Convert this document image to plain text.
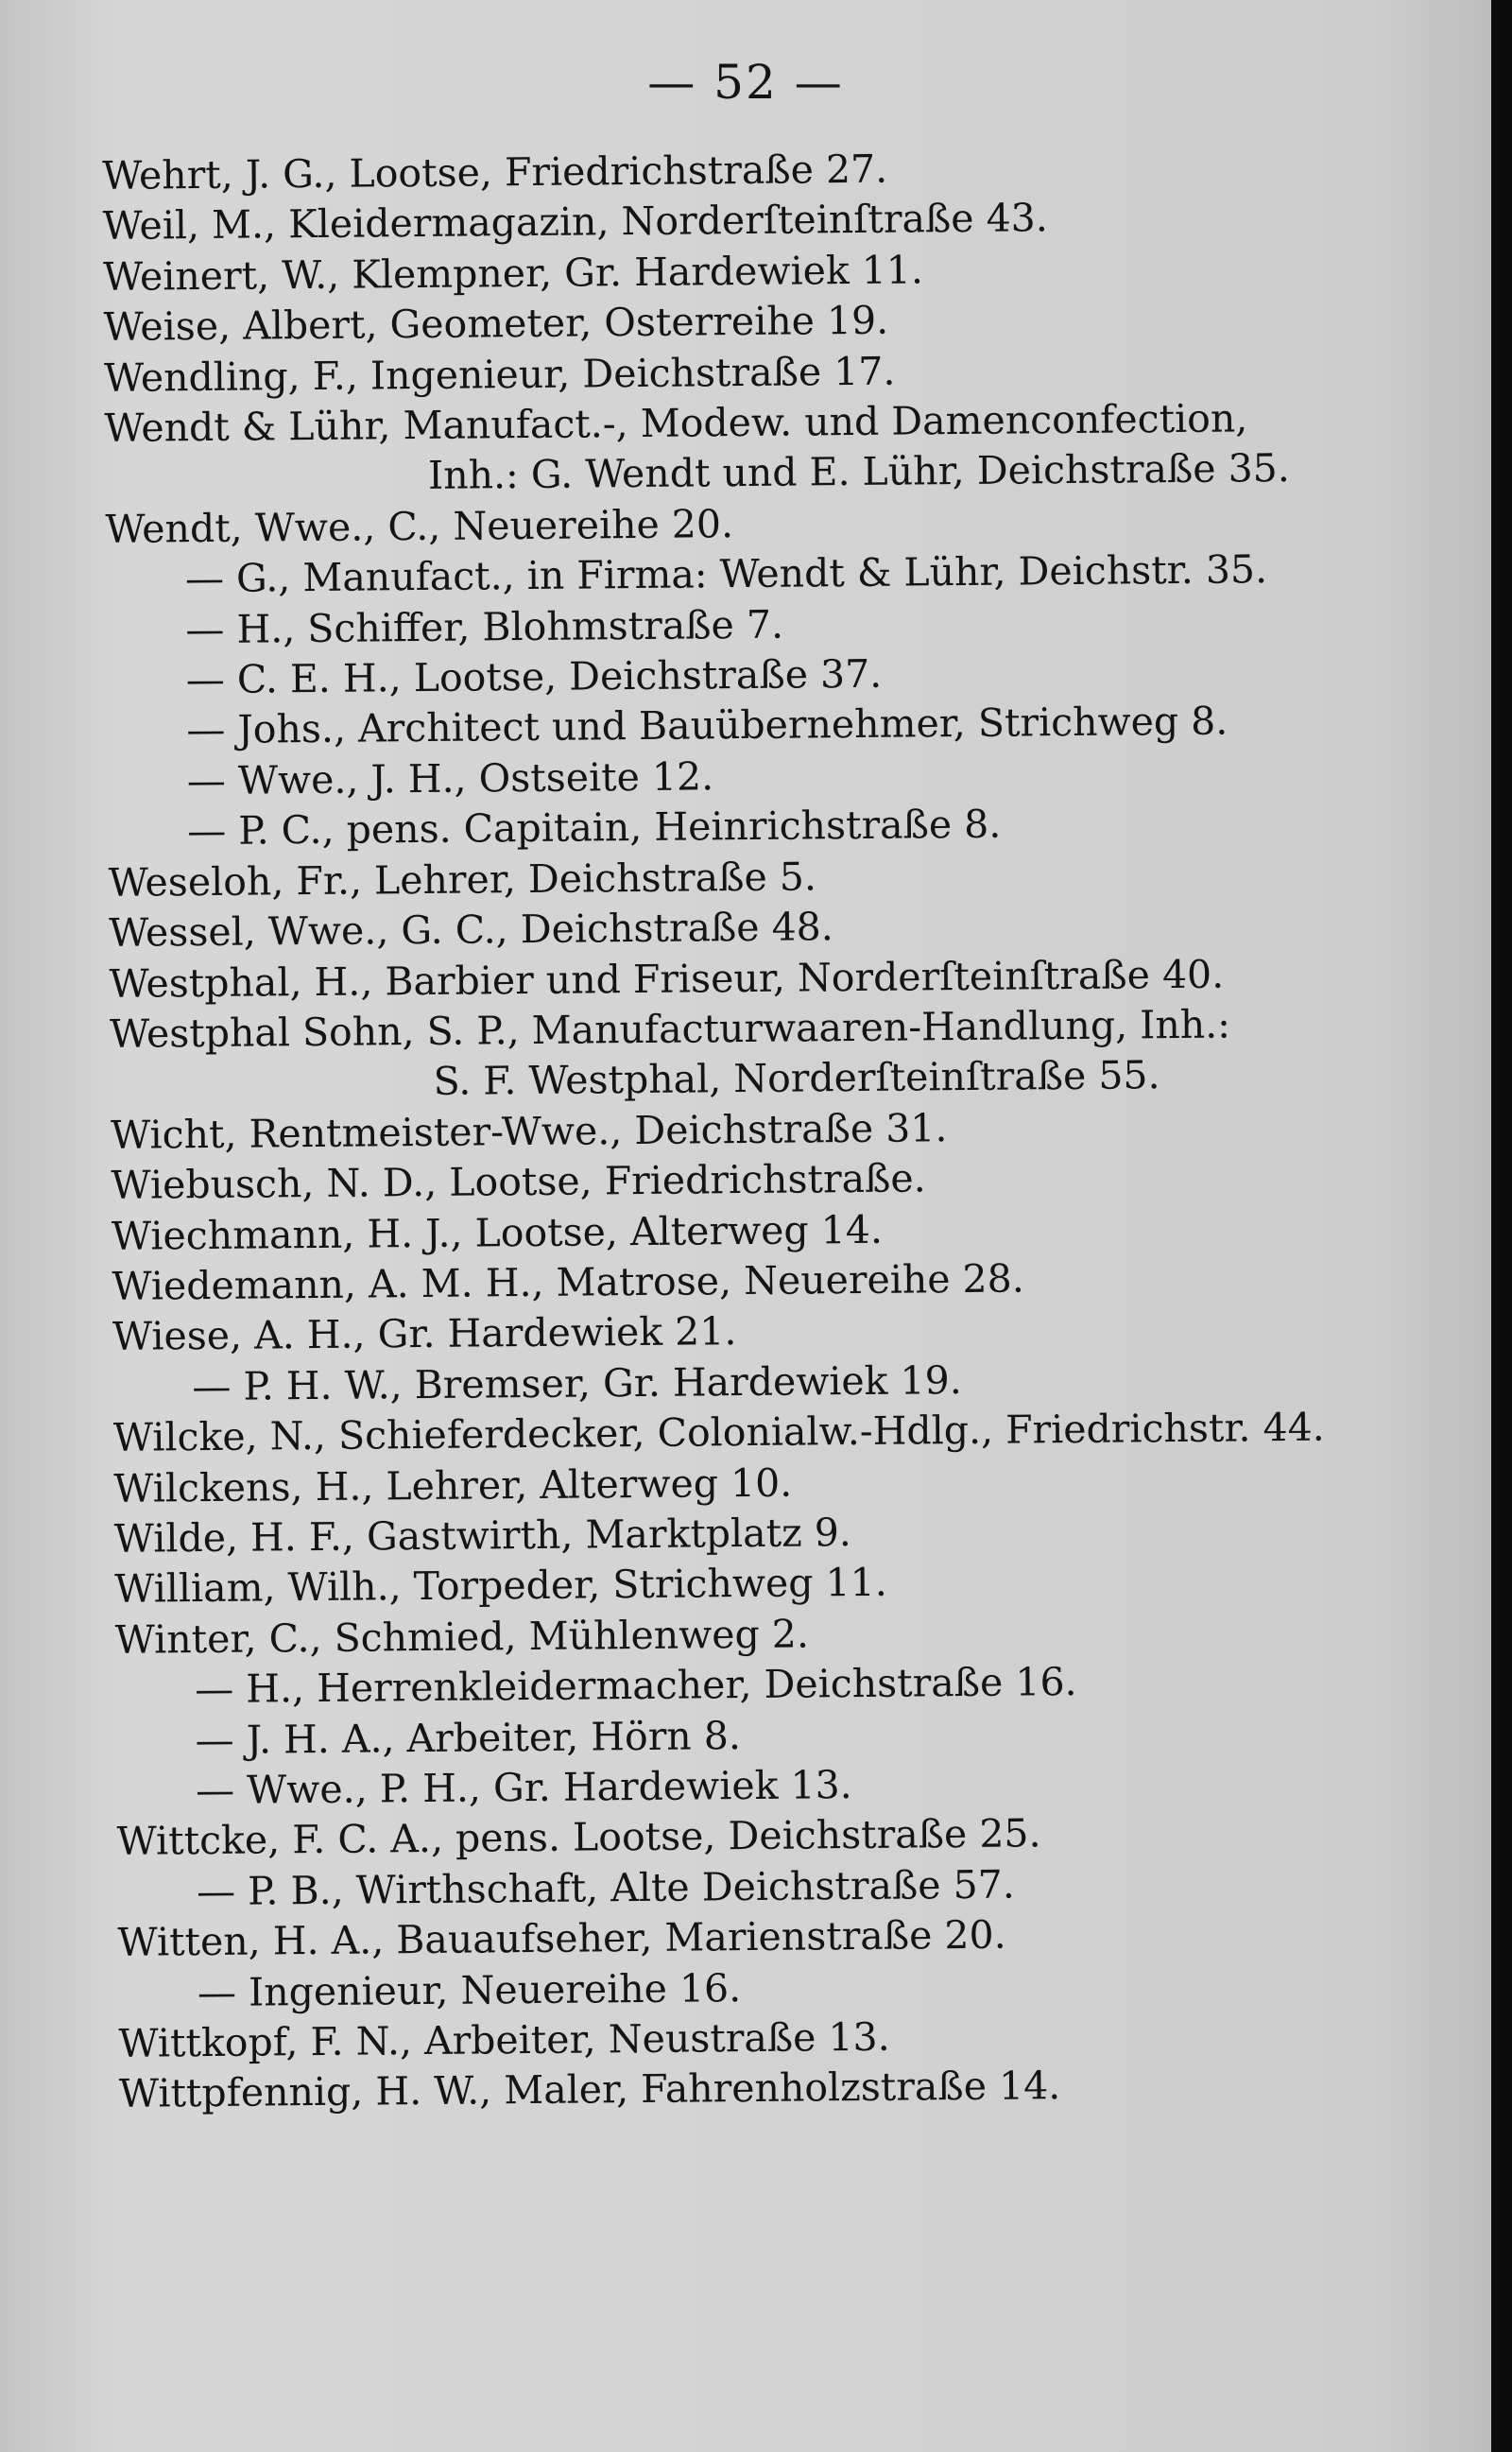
— 52 —
Wehrt, J. G., Lootse, Friedrichstraße 27.
Weil, M., Kleidermagazin, Norderſteinſtraße 43.
Weinert, W., Klempner, Gr. Hardewiek 11.
Weise, Albert, Geometer, Osterreihe 19.
Wendling, F., Ingenieur, Deichstraße 17.
Wendt & Lühr, Manufact.-, Modew. und Damenconfection,
Inh.: G. Wendt und E. Lühr, Deichstraße 35.
Wendt, Wwe., C., Neuereihe 20.
— G., Manufact., in Firma: Wendt & Lühr, Deichstr. 35.
— H., Schiffer, Blohmstraße 7.
— C. E. H., Lootse, Deichstraße 37.
— Johs., Architect und Bauübernehmer, Strichweg 8.
— Wwe., J. H., Ostseite 12.
— P. C., pens. Capitain, Heinrichstraße 8.
Weseloh, Fr., Lehrer, Deichstraße 5.
Wessel, Wwe., G. C., Deichstraße 48.
Westphal, H., Barbier und Friseur, Norderſteinſtraße 40.
Westphal Sohn, S. P., Manufacturwaaren-Handlung, Inh.:
S. F. Westphal, Norderſteinſtraße 55.
Wicht, Rentmeister-Wwe., Deichstraße 31.
Wiebusch, N. D., Lootse, Friedrichstraße.
Wiechmann, H. J., Lootse, Alterweg 14.
Wiedemann, A. M. H., Matrose, Neuereihe 28.
Wiese, A. H., Gr. Hardewiek 21.
— P. H. W., Bremser, Gr. Hardewiek 19.
Wilcke, N., Schieferdecker, Colonialw.-Hdlg., Friedrichstr. 44.
Wilckens, H., Lehrer, Alterweg 10.
Wilde, H. F., Gastwirth, Marktplatz 9.
William, Wilh., Torpeder, Strichweg 11.
Winter, C., Schmied, Mühlenweg 2.
— H., Herrenkleidermacher, Deichstraße 16.
— J. H. A., Arbeiter, Hörn 8.
— Wwe., P. H., Gr. Hardewiek 13.
Wittcke, F. C. A., pens. Lootse, Deichstraße 25.
— P. B., Wirthschaft, Alte Deichstraße 57.
Witten, H. A., Bauaufseher, Marienstraße 20.
— Ingenieur, Neuereihe 16.
Wittkopf, F. N., Arbeiter, Neustraße 13.
Wittpfennig, H. W., Maler, Fahrenholzstraße 14.
